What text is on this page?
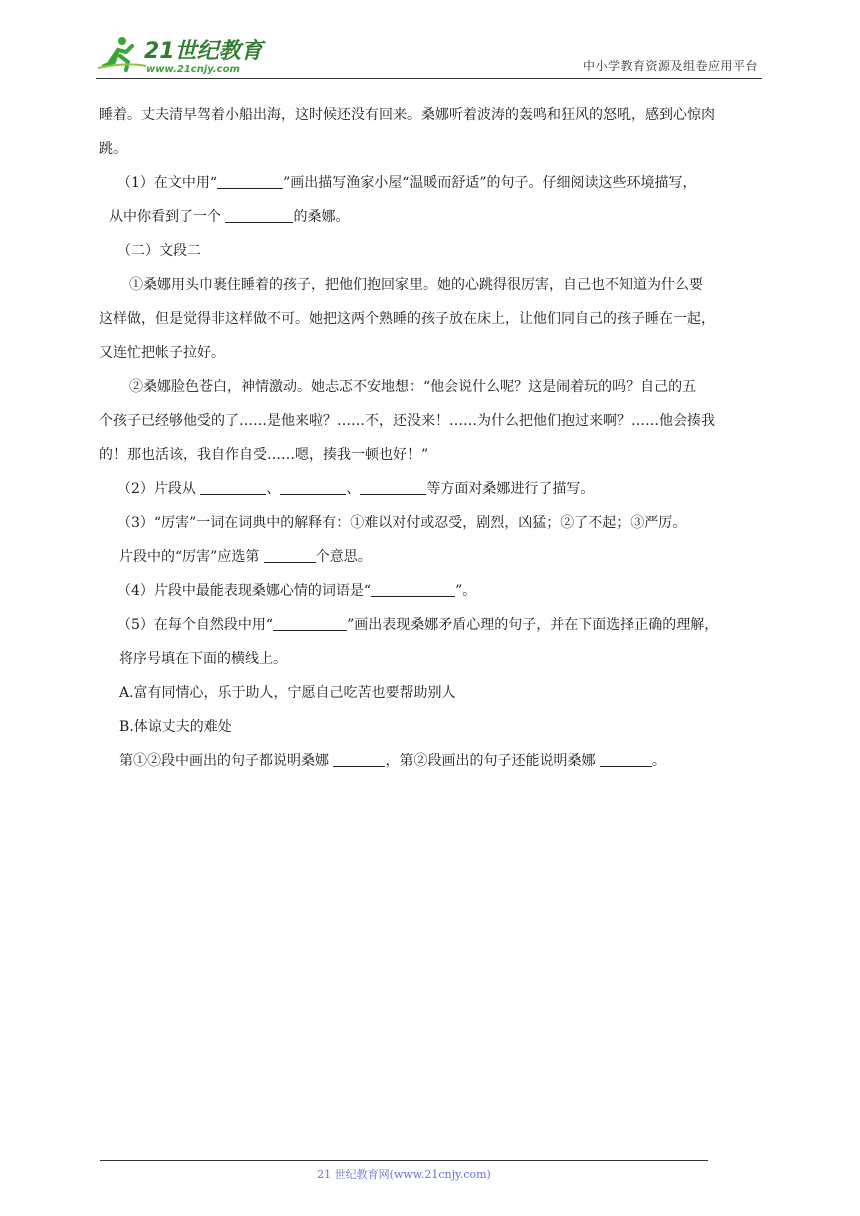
21世纪教育
www.21cnjy.com	中小学教育资源及组卷应用平台

睡着。丈夫清早驾着小船出海，这时候还没有回来。桑娜听着波涛的轰鸣和狂风的怒吼，感到心惊肉

跳。

（1）在文中用“	”画出描写渔家小屋“温暖而舒适”的句子。仔细阅读这些环境描写，

从中你看到了一个	的桑娜。

（二）文段二

①桑娜用头巾裹住睡着的孩子，把他们抱回家里。她的心跳得很厉害，自己也不知道为什么要

这样做，但是觉得非这样做不可。她把这两个熟睡的孩子放在床上，让他们同自己的孩子睡在一起，

又连忙把帐子拉好。

②桑娜脸色苍白，神情激动。她忐忑不安地想：“他会说什么呢？这是闹着玩的吗？自己的五

个孩子已经够他受的了……是他来啦？……不，还没来！……为什么把他们抱过来啊？……他会揍我

的！那也活该，我自作自受……嗯，揍我一顿也好！”

（2）片段从	、	、	等方面对桑娜进行了描写。

（3）“厉害”一词在词典中的解释有：①难以对付或忍受，剧烈，凶猛；②了不起；③严厉。

片段中的“厉害”应选第	个意思。

（4）片段中最能表现桑娜心情的词语是“	”。

（5）在每个自然段中用“	”画出表现桑娜矛盾心理的句子，并在下面选择正确的理解，

将序号填在下面的横线上。

A.富有同情心，乐于助人，宁愿自己吃苦也要帮助别人

B.体谅丈夫的难处

第①②段中画出的句子都说明桑娜	，第②段画出的句子还能说明桑娜	。

21 世纪教育网(www.21cnjy.com)
